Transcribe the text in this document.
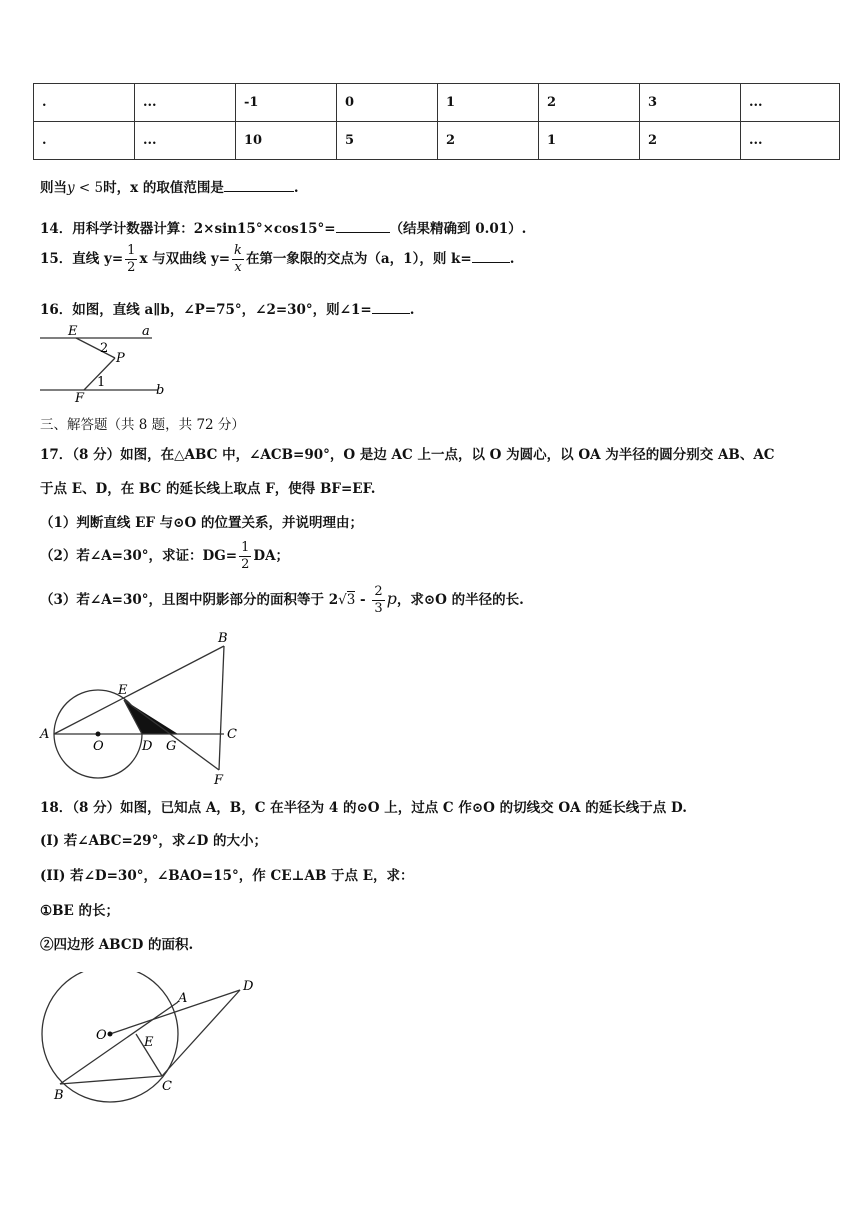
.	...	-1	0	1	2	3	...
.	...	10	5	2	1	2	...
则当y < 5时，x 的取值范围是	.
14．用科学计数器计算：2×sin15°×cos15°=	（结果精确到 0.01）.
15．直线 $y= \frac{1}{2}$ x 与双曲线 $y= \frac{k}{x}$ 在第一象限的交点为（a，1），则 k=	.
16．如图，直线 a∥b，∠P=75°，∠2=30°，则∠1=	.
E	a
2
P
1
b
F
三、解答题（共 8 题，共 72 分）
17．（8 分）如图，在△ABC 中，∠ACB=90°，O 是边 AC 上一点，以 O 为圆心，以 OA 为半径的圆分别交 AB、AC
于点 E、D，在 BC 的延长线上取点 F，使得 BF=EF.
（1）判断直线 EF 与⊙O 的位置关系，并说明理由；
（2）若∠A=30°，求证：$DG= \frac{1}{2}$ DA；
（3）若∠A=30°，且图中阴影部分的面积等于 $2√3 - \frac{2}{3}$ p，求⊙O 的半径的长.
A
O
E
D G
C
B
F
18．（8 分）如图，已知点 A，B，C 在半径为 4 的⊙O 上，过点 C 作⊙O 的切线交 OA 的延长线于点 D.
(I) 若∠ABC=29°，求∠D 的大小；
(II) 若∠D=30°，∠BAO=15°，作 CE⊥AB 于点 E，求：
①BE 的长；
②四边形 ABCD 的面积.
O
A
D
E
B
C
